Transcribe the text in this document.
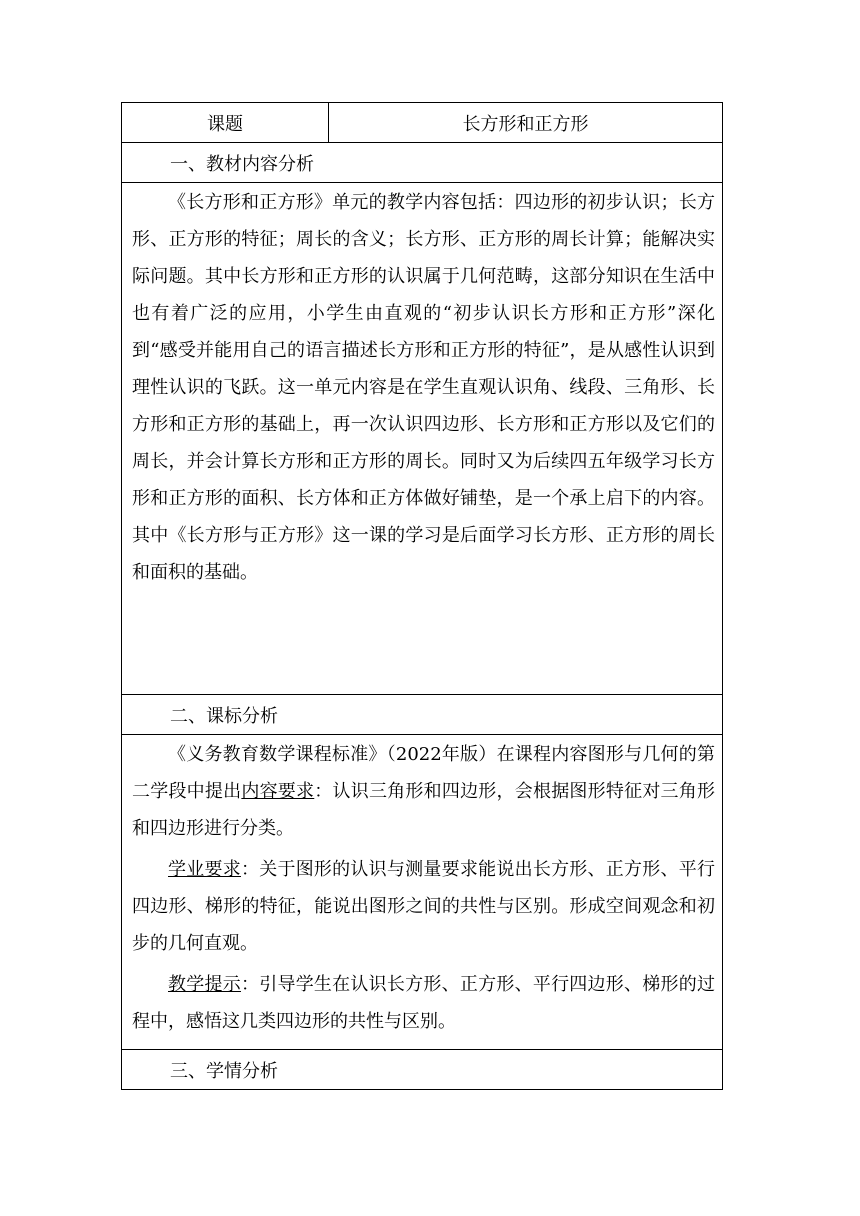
课题	长方形和正方形
一、教材内容分析

《长方形和正方形》单元的教学内容包括：四边形的初步认识；长方形、正方形的特征；周长的含义；长方形、正方形的周长计算；能解决实际问题。其中长方形和正方形的认识属于几何范畴，这部分知识在生活中也有着广泛的应用，小学生由直观的“初步认识长方形和正方形”深化到“感受并能用自己的语言描述长方形和正方形的特征”，是从感性认识到理性认识的飞跃。这一单元内容是在学生直观认识角、线段、三角形、长方形和正方形的基础上，再一次认识四边形、长方形和正方形以及它们的周长，并会计算长方形和正方形的周长。同时又为后续四五年级学习长方形和正方形的面积、长方体和正方体做好铺垫，是一个承上启下的内容。其中《长方形与正方形》这一课的学习是后面学习长方形、正方形的周长和面积的基础。

二、课标分析

《义务教育数学课程标准》（2022年版）在课程内容图形与几何的第二学段中提出内容要求：认识三角形和四边形，会根据图形特征对三角形和四边形进行分类。

学业要求：关于图形的认识与测量要求能说出长方形、正方形、平行四边形、梯形的特征，能说出图形之间的共性与区别。形成空间观念和初步的几何直观。

教学提示：引导学生在认识长方形、正方形、平行四边形、梯形的过程中，感悟这几类四边形的共性与区别。

三、学情分析
